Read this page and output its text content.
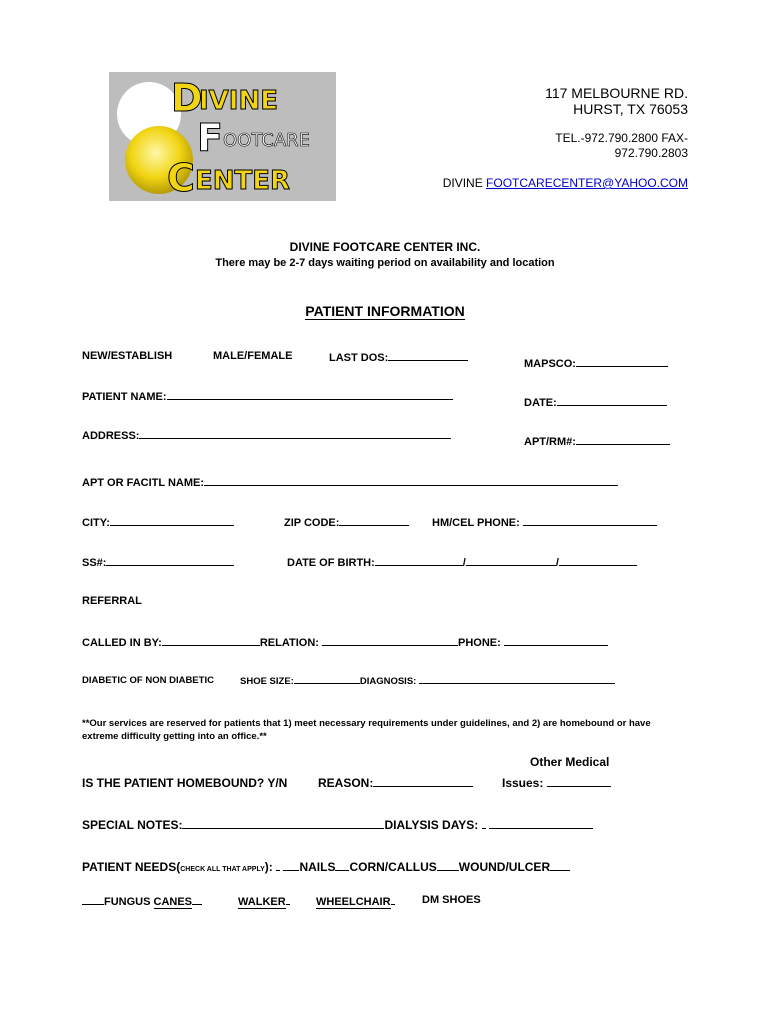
D
IVINE
F OOTCARE
C ENTER
117 MELBOURNE RD.
HURST, TX 76053
TEL.-972.790.2800 FAX-
972.790.2803
DIVINE FOOTCARECENTER@YAHOO.COM
DIVINE FOOTCARE CENTER INC.
There may be 2-7 days waiting period on availability and location
PATIENT INFORMATION
NEW/ESTABLISH	MALE/FEMALE	LAST DOS:	MAPSCO:
PATIENT NAME:	DATE:
ADDRESS:	APT/RM#:
APT OR FACITL NAME:
CITY:	ZIP CODE:	HM/CEL PHONE:
SS#:	DATE OF BIRTH:	/	/
REFERRAL
CALLED IN BY:	RELATION:	PHONE:
DIABETIC OF NON DIABETIC	SHOE SIZE:	DIAGNOSIS:
**Our services are reserved for patients that 1) meet necessary requirements under guidelines, and 2) are homebound or have
extreme difficulty getting into an office.**
Other Medical
IS THE PATIENT HOMEBOUND? Y/N	REASON:	Issues:
SPECIAL NOTES:	DIALYSIS DAYS:
PATIENT NEEDS(CHECK ALL THAT APPLY): NAILS CORN/CALLUS WOUND/ULCER
FUNGUS CANES	WALKER	WHEELCHAIR	DM SHOES
